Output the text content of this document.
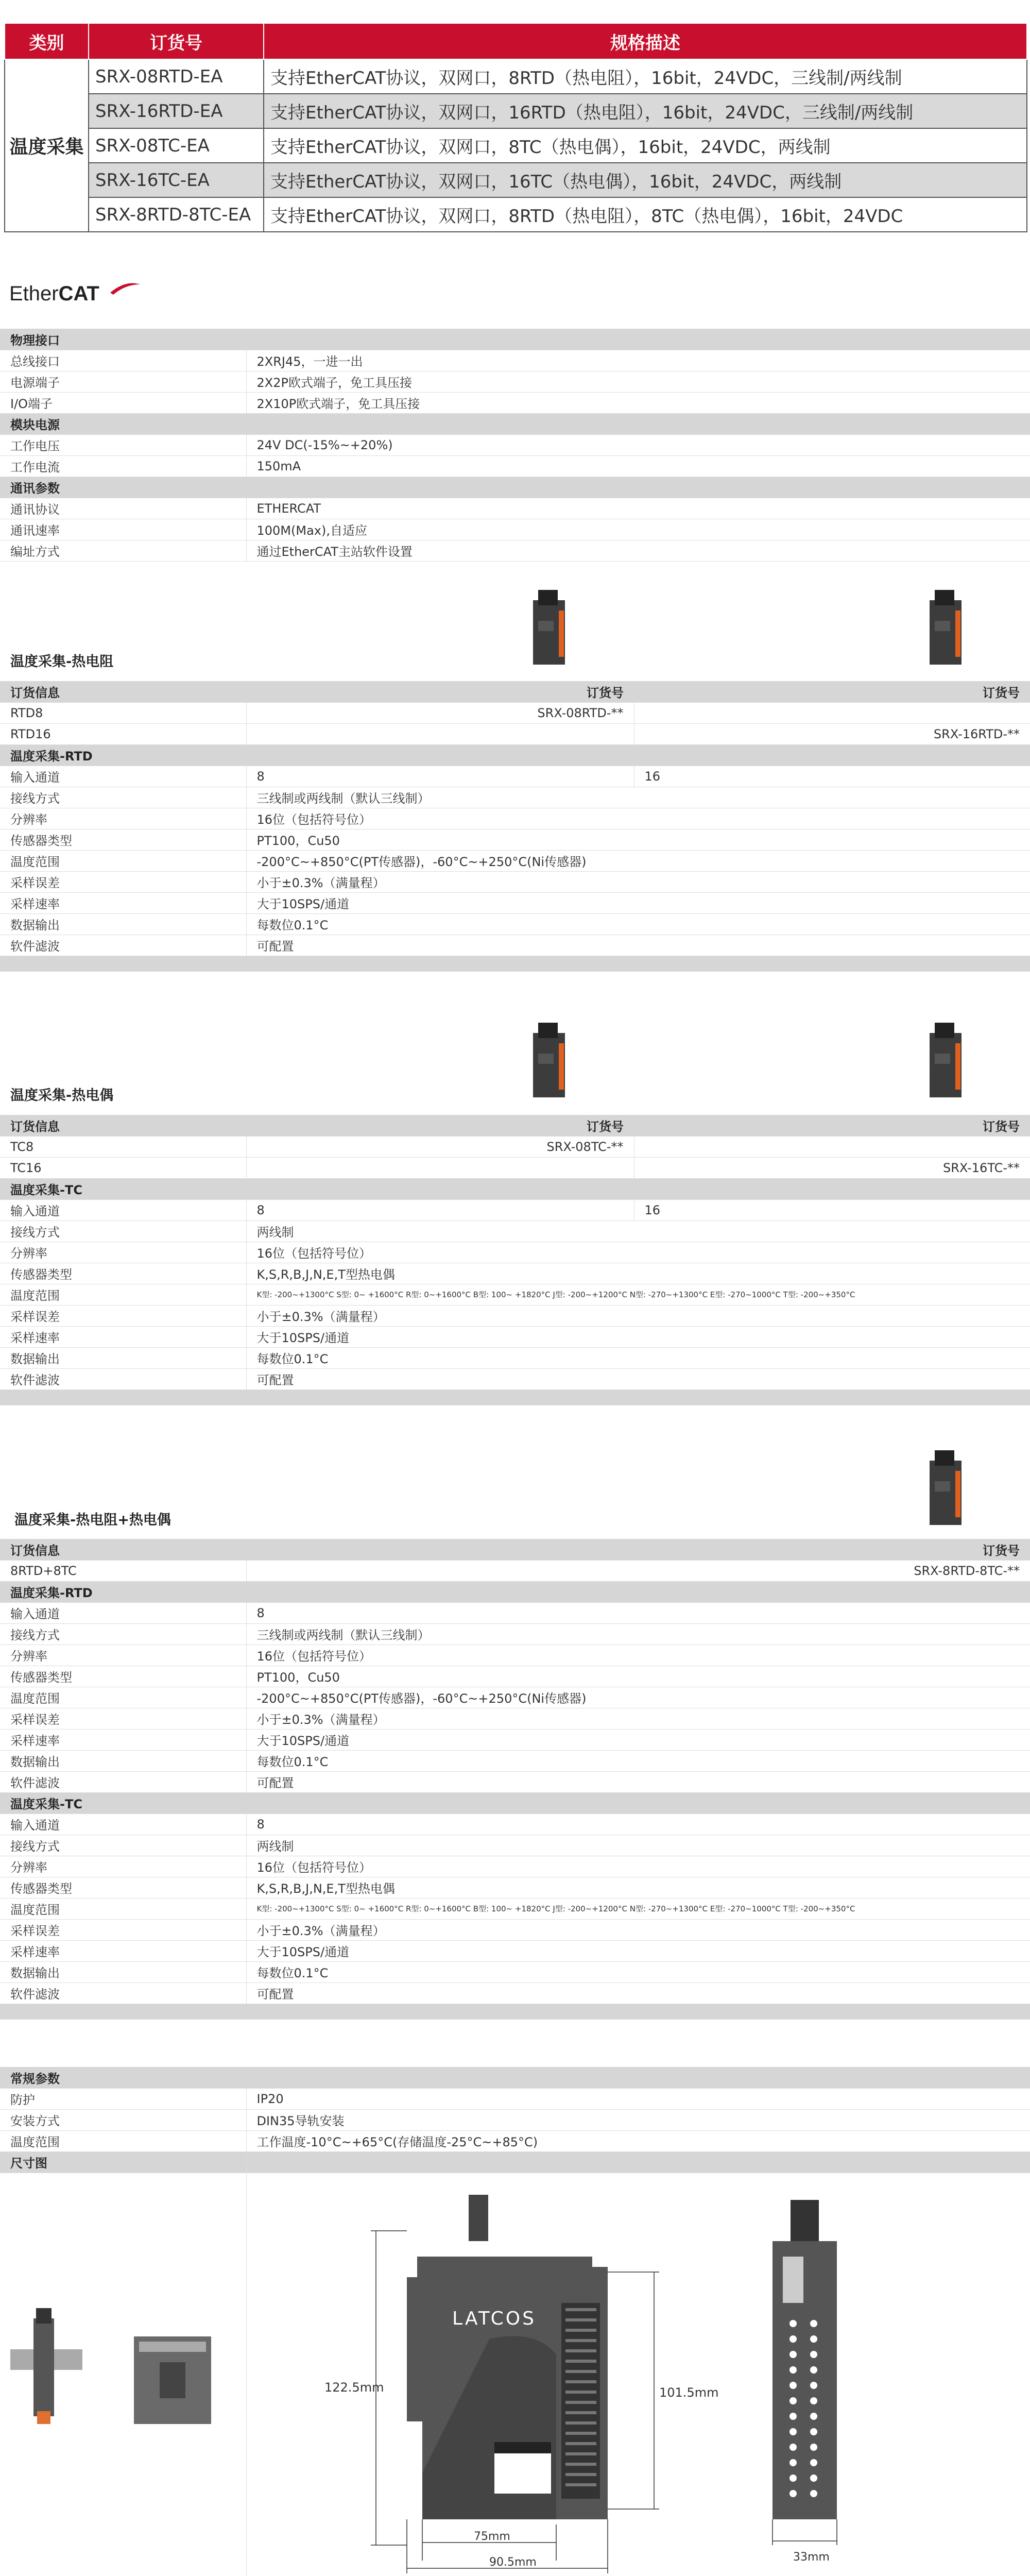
类别	订货号	规格描述
温度采集	SRX-08RTD-EA	支持EtherCAT协议，双网口，8RTD（热电阻），16bit，24VDC，三线制/两线制
	SRX-16RTD-EA	支持EtherCAT协议，双网口，16RTD（热电阻），16bit，24VDC，三线制/两线制
	SRX-08TC-EA	支持EtherCAT协议，双网口，8TC（热电偶），16bit，24VDC，两线制
	SRX-16TC-EA	支持EtherCAT协议，双网口，16TC（热电偶），16bit，24VDC，两线制
	SRX-8RTD-8TC-EA	支持EtherCAT协议，双网口，8RTD（热电阻），8TC（热电偶），16bit，24VDC
EtherCAT
物理接口	
总线接口	2XRJ45，一进一出
电源端子	2X2P欧式端子，免工具压接
I/O端子	2X10P欧式端子，免工具压接
模块电源	
工作电压	24V DC(-15%~+20%)
工作电流	150mA
通讯参数	
通讯协议	ETHERCAT
通讯速率	100M(Max),自适应
编址方式	通过EtherCAT主站软件设置
温度采集-热电阻
订货信息	订货号	订货号
RTD8	SRX-08RTD-**	
RTD16		SRX-16RTD-**
温度采集-RTD		
输入通道	8	16
接线方式	三线制或两线制（默认三线制）	
分辨率	16位（包括符号位）	
传感器类型	PT100，Cu50	
温度范围	-200°C~+850°C(PT传感器)，-60°C~+250°C(Ni传感器)	
采样误差	小于±0.3%（满量程）	
采样速率	大于10SPS/通道	
数据输出	每数位0.1°C	
软件滤波	可配置	

温度采集-热电偶
订货信息	订货号	订货号
TC8	SRX-08TC-**	
TC16		SRX-16TC-**
温度采集-TC		
输入通道	8	16
接线方式	两线制	
分辨率	16位（包括符号位）	
传感器类型	K,S,R,B,J,N,E,T型热电偶	
温度范围	K型: -200~+1300°C S型: 0~ +1600°C R型: 0~+1600°C B型: 100~ +1820°C J型: -200~+1200°C N型: -270~+1300°C E型: -270~1000°C T型: -200~+350°C	
采样误差	小于±0.3%（满量程）	
采样速率	大于10SPS/通道	
数据输出	每数位0.1°C	
软件滤波	可配置	

温度采集-热电阻+热电偶
订货信息	订货号
8RTD+8TC	SRX-8RTD-8TC-**
温度采集-RTD	
输入通道	8
接线方式	三线制或两线制（默认三线制）
分辨率	16位（包括符号位）
传感器类型	PT100，Cu50
温度范围	-200°C~+850°C(PT传感器)，-60°C~+250°C(Ni传感器)
采样误差	小于±0.3%（满量程）
采样速率	大于10SPS/通道
数据输出	每数位0.1°C
软件滤波	可配置
温度采集-TC	
输入通道	8
接线方式	两线制
分辨率	16位（包括符号位）
传感器类型	K,S,R,B,J,N,E,T型热电偶
温度范围	K型: -200~+1300°C S型: 0~ +1600°C R型: 0~+1600°C B型: 100~ +1820°C J型: -200~+1200°C N型: -270~+1300°C E型: -270~1000°C T型: -200~+350°C
采样误差	小于±0.3%（满量程）
采样速率	大于10SPS/通道
数据输出	每数位0.1°C
软件滤波	可配置

常规参数	
防护	IP20
安装方式	DIN35导轨安装
温度范围	工作温度-10°C~+65°C(存储温度-25°C~+85°C)
尺寸图	
LATCOS
122.5mm	101.5mm
75mm
90.5mm	33mm
